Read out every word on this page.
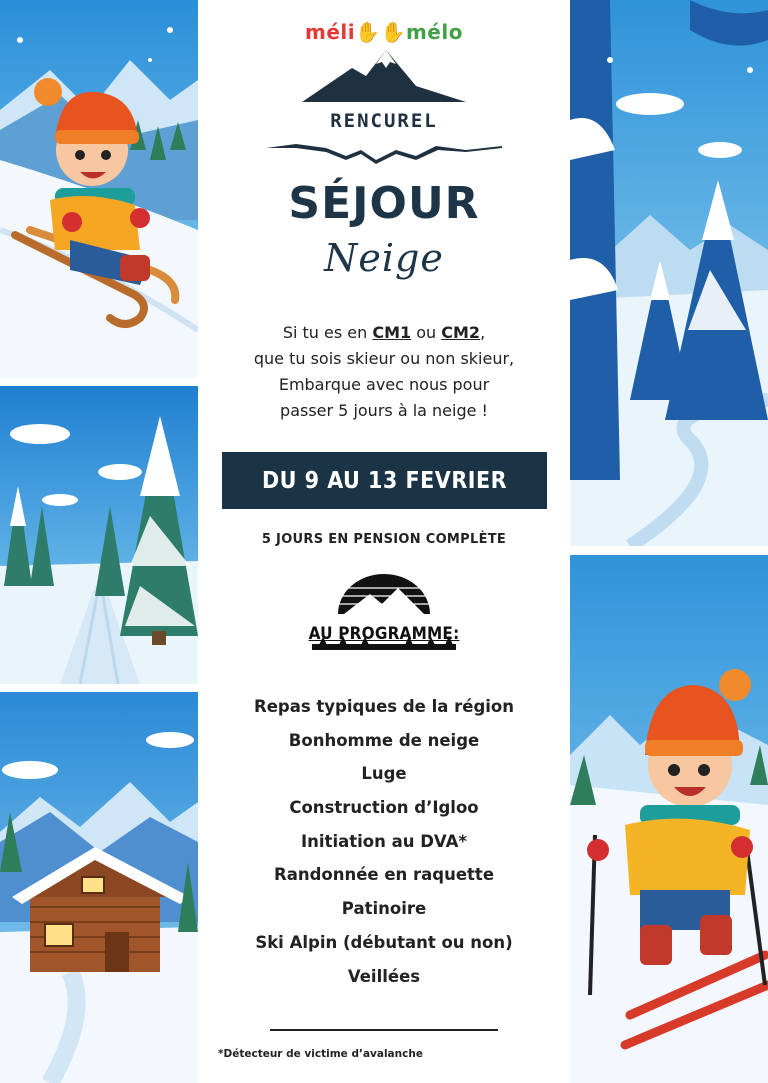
méli✋✋mélo
RENCUREL
SÉJOUR
Neige
Si tu es en CM1 ou CM2,
que tu sois skieur ou non skieur,
Embarque avec nous pour
passer 5 jours à la neige !
DU 9 AU 13 FEVRIER
5 JOURS EN PENSION COMPLÈTE
AU PROGRAMME:
Repas typiques de la région
Bonhomme de neige
Luge
Construction d’Igloo
Initiation au DVA*
Randonnée en raquette
Patinoire
Ski Alpin (débutant ou non)
Veillées
*Détecteur de victime d’avalanche
